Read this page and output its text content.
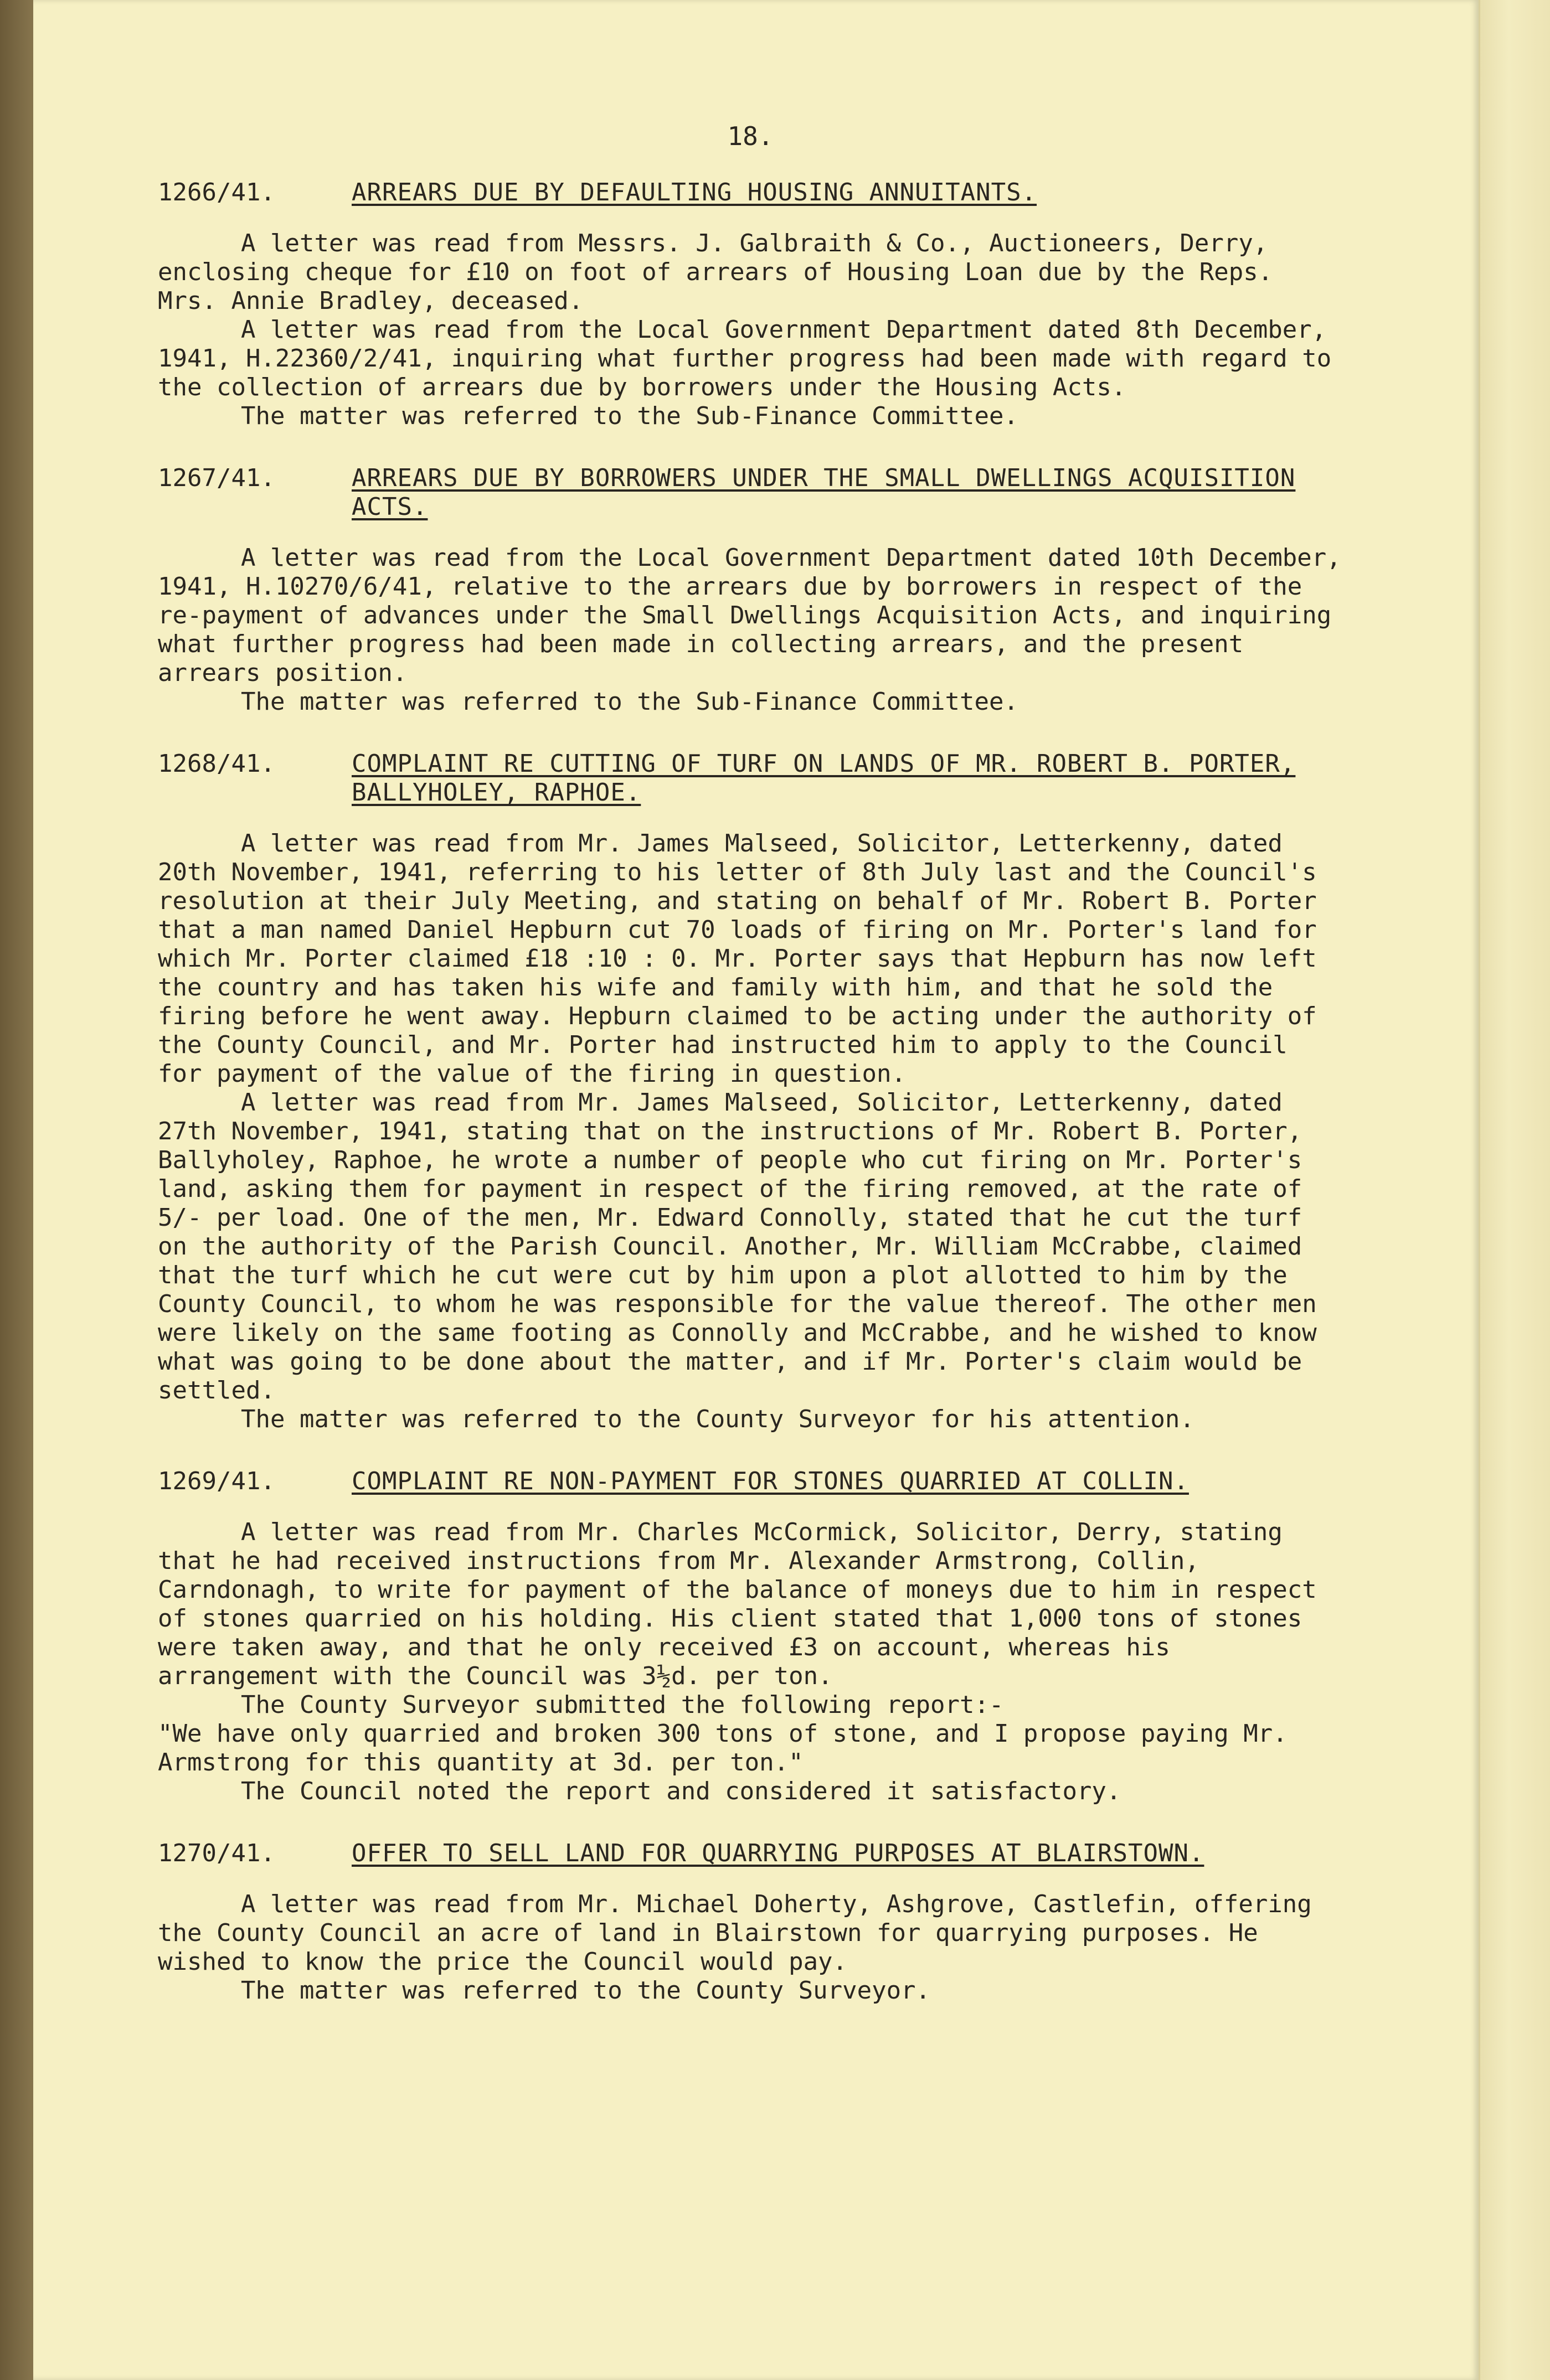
18.
1266/41.	ARREARS DUE BY DEFAULTING HOUSING ANNUITANTS.

A letter was read from Messrs. J. Galbraith & Co., Auctioneers, Derry, enclosing cheque for £10 on foot of arrears of Housing Loan due by the Reps. Mrs. Annie Bradley, deceased.

A letter was read from the Local Government Department dated 8th December, 1941, H.22360/2/41, inquiring what further progress had been made with regard to the collection of arrears due by borrowers under the Housing Acts.

The matter was referred to the Sub-Finance Committee.

1267/41.	ARREARS DUE BY BORROWERS UNDER THE SMALL DWELLINGS ACQUISITION ACTS.

A letter was read from the Local Government Department dated 10th December, 1941, H.10270/6/41, relative to the arrears due by borrowers in respect of the re-payment of advances under the Small Dwellings Acquisition Acts, and inquiring what further progress had been made in collecting arrears, and the present arrears position.

The matter was referred to the Sub-Finance Committee.

1268/41.	COMPLAINT RE CUTTING OF TURF ON LANDS OF MR. ROBERT B. PORTER, BALLYHOLEY, RAPHOE.

A letter was read from Mr. James Malseed, Solicitor, Letterkenny, dated 20th November, 1941, referring to his letter of 8th July last and the Council's resolution at their July Meeting, and stating on behalf of Mr. Robert B. Porter that a man named Daniel Hepburn cut 70 loads of firing on Mr. Porter's land for which Mr. Porter claimed £18 :10 : 0. Mr. Porter says that Hepburn has now left the country and has taken his wife and family with him, and that he sold the firing before he went away. Hepburn claimed to be acting under the authority of the County Council, and Mr. Porter had instructed him to apply to the Council for payment of the value of the firing in question.

A letter was read from Mr. James Malseed, Solicitor, Letterkenny, dated 27th November, 1941, stating that on the instructions of Mr. Robert B. Porter, Ballyholey, Raphoe, he wrote a number of people who cut firing on Mr. Porter's land, asking them for payment in respect of the firing removed, at the rate of 5/- per load. One of the men, Mr. Edward Connolly, stated that he cut the turf on the authority of the Parish Council. Another, Mr. William McCrabbe, claimed that the turf which he cut were cut by him upon a plot allotted to him by the County Council, to whom he was responsible for the value thereof. The other men were likely on the same footing as Connolly and McCrabbe, and he wished to know what was going to be done about the matter, and if Mr. Porter's claim would be settled.

The matter was referred to the County Surveyor for his attention.

1269/41.	COMPLAINT RE NON-PAYMENT FOR STONES QUARRIED AT COLLIN.

A letter was read from Mr. Charles McCormick, Solicitor, Derry, stating that he had received instructions from Mr. Alexander Armstrong, Collin, Carndonagh, to write for payment of the balance of moneys due to him in respect of stones quarried on his holding. His client stated that 1,000 tons of stones were taken away, and that he only received £3 on account, whereas his arrangement with the Council was 3½d. per ton.

The County Surveyor submitted the following report:-

"We have only quarried and broken 300 tons of stone, and I propose paying Mr. Armstrong for this quantity at 3d. per ton."

The Council noted the report and considered it satisfactory.

1270/41.	OFFER TO SELL LAND FOR QUARRYING PURPOSES AT BLAIRSTOWN.

A letter was read from Mr. Michael Doherty, Ashgrove, Castlefin, offering the County Council an acre of land in Blairstown for quarrying purposes. He wished to know the price the Council would pay.

The matter was referred to the County Surveyor.
